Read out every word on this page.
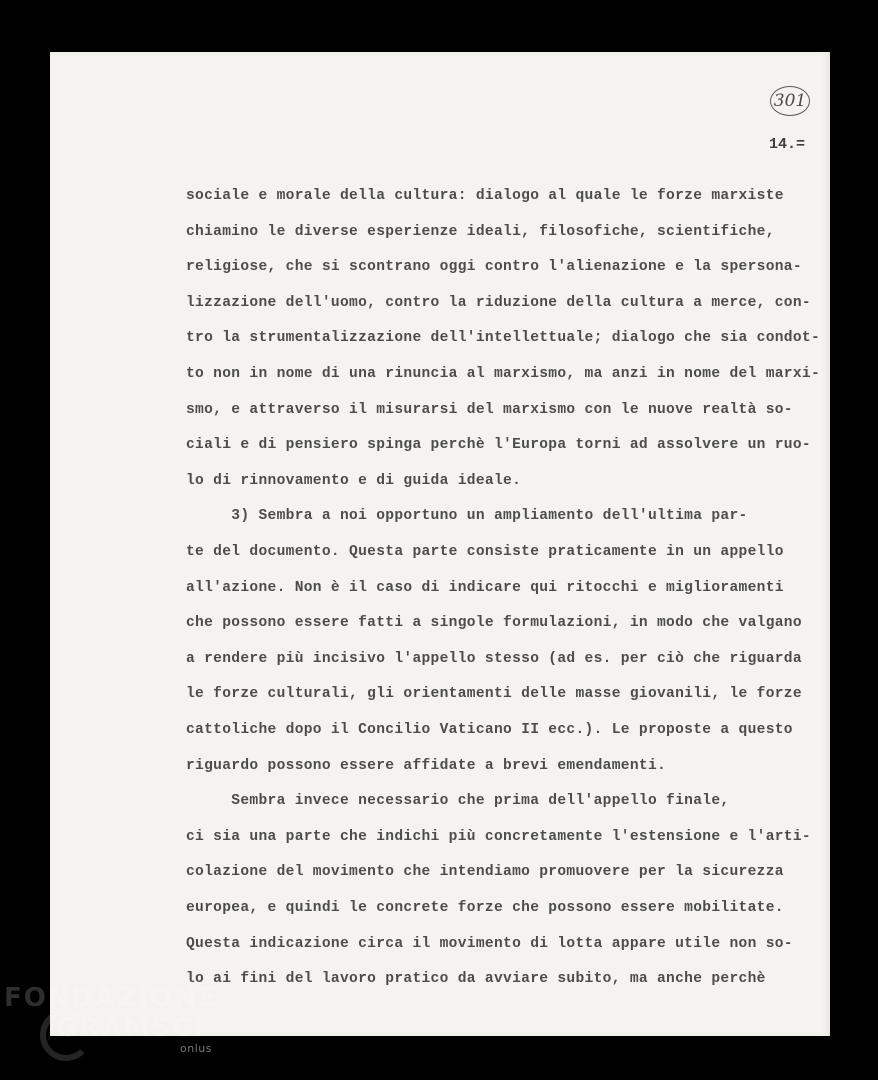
301
14.=
sociale e morale della cultura: dialogo al quale le forze marxiste
chiamino le diverse esperienze ideali, filosofiche, scientifiche,
religiose, che si scontrano oggi contro l'alienazione e la spersona-
lizzazione dell'uomo, contro la riduzione della cultura a merce, con-
tro la strumentalizzazione dell'intellettuale; dialogo che sia condot-
to non in nome di una rinuncia al marxismo, ma anzi in nome del marxi-
smo, e attraverso il misurarsi del marxismo con le nuove realtà so-
ciali e di pensiero spinga perchè l'Europa torni ad assolvere un ruo-
lo di rinnovamento e di guida ideale.
3) Sembra a noi opportuno un ampliamento dell'ultima par-
te del documento. Questa parte consiste praticamente in un appello
all'azione. Non è il caso di indicare qui ritocchi e miglioramenti
che possono essere fatti a singole formulazioni, in modo che valgano
a rendere più incisivo l'appello stesso (ad es. per ciò che riguarda
le forze culturali, gli orientamenti delle masse giovanili, le forze
cattoliche dopo il Concilio Vaticano II ecc.). Le proposte a questo
riguardo possono essere affidate a brevi emendamenti.
Sembra invece necessario che prima dell'appello finale,
ci sia una parte che indichi più concretamente l'estensione e l'arti-
colazione del movimento che intendiamo promuovere per la sicurezza
europea, e quindi le concrete forze che possono essere mobilitate.
Questa indicazione circa il movimento di lotta appare utile non so-
lo ai fini del lavoro pratico da avviare subito, ma anche perchè
FONDAZIONE
GRAMSCI
onlus
